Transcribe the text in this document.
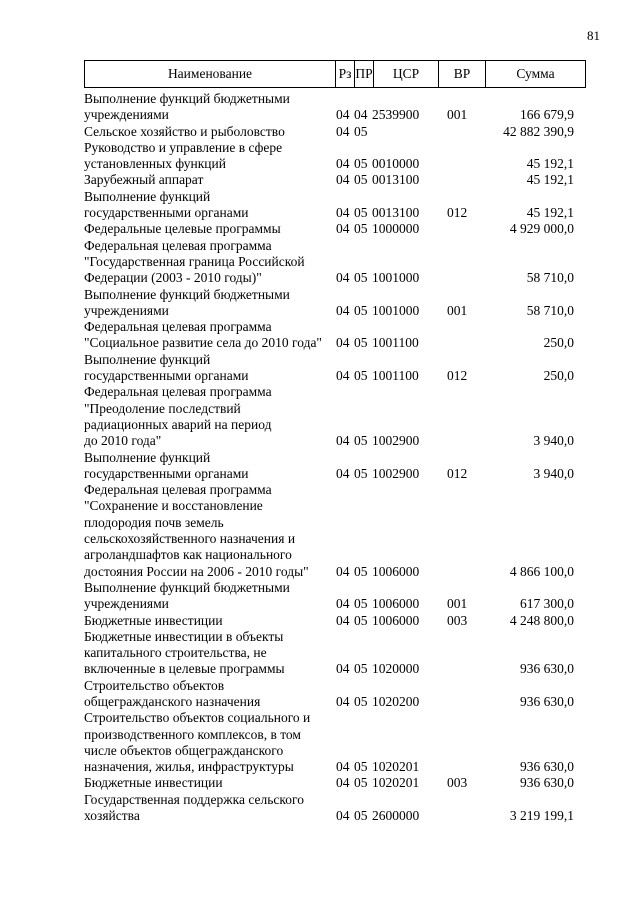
81
Наименование	Рз ПР	ЦСР	ВР	Сумма
Выполнение функций бюджетными
учреждениями	04 04 2539900 001	166 679,9
Сельское хозяйство и рыболовство	04 05	42 882 390,9
Руководство и управление в сфере
установленных функций	04 05 0010000	45 192,1
Зарубежный аппарат	04 05 0013100	45 192,1
Выполнение функций
государственными органами	04 05 0013100 012	45 192,1
Федеральные целевые программы	04 05 1000000	4 929 000,0
Федеральная целевая программа
"Государственная граница Российской
Федерации (2003 - 2010 годы)"	04 05 1001000	58 710,0
Выполнение функций бюджетными
учреждениями	04 05 1001000 001	58 710,0
Федеральная целевая программа
"Социальное развитие села до 2010 года"	04 05 1001100	250,0
Выполнение функций
государственными органами	04 05 1001100 012	250,0
Федеральная целевая программа
"Преодоление последствий
радиационных аварий на период
до 2010 года"	04 05 1002900	3 940,0
Выполнение функций
государственными органами	04 05 1002900 012	3 940,0
Федеральная целевая программа
"Сохранение и восстановление
плодородия почв земель
сельскохозяйственного назначения и
агроландшафтов как национального
достояния России на 2006 - 2010 годы"	04 05 1006000	4 866 100,0
Выполнение функций бюджетными
учреждениями	04 05 1006000 001	617 300,0
Бюджетные инвестиции	04 05 1006000 003	4 248 800,0
Бюджетные инвестиции в объекты
капитального строительства, не
включенные в целевые программы	04 05 1020000	936 630,0
Строительство объектов
общегражданского назначения	04 05 1020200	936 630,0
Строительство объектов социального и
производственного комплексов, в том
числе объектов общегражданского
назначения, жилья, инфраструктуры	04 05 1020201	936 630,0
Бюджетные инвестиции	04 05 1020201 003	936 630,0
Государственная поддержка сельского
хозяйства	04 05 2600000	3 219 199,1
